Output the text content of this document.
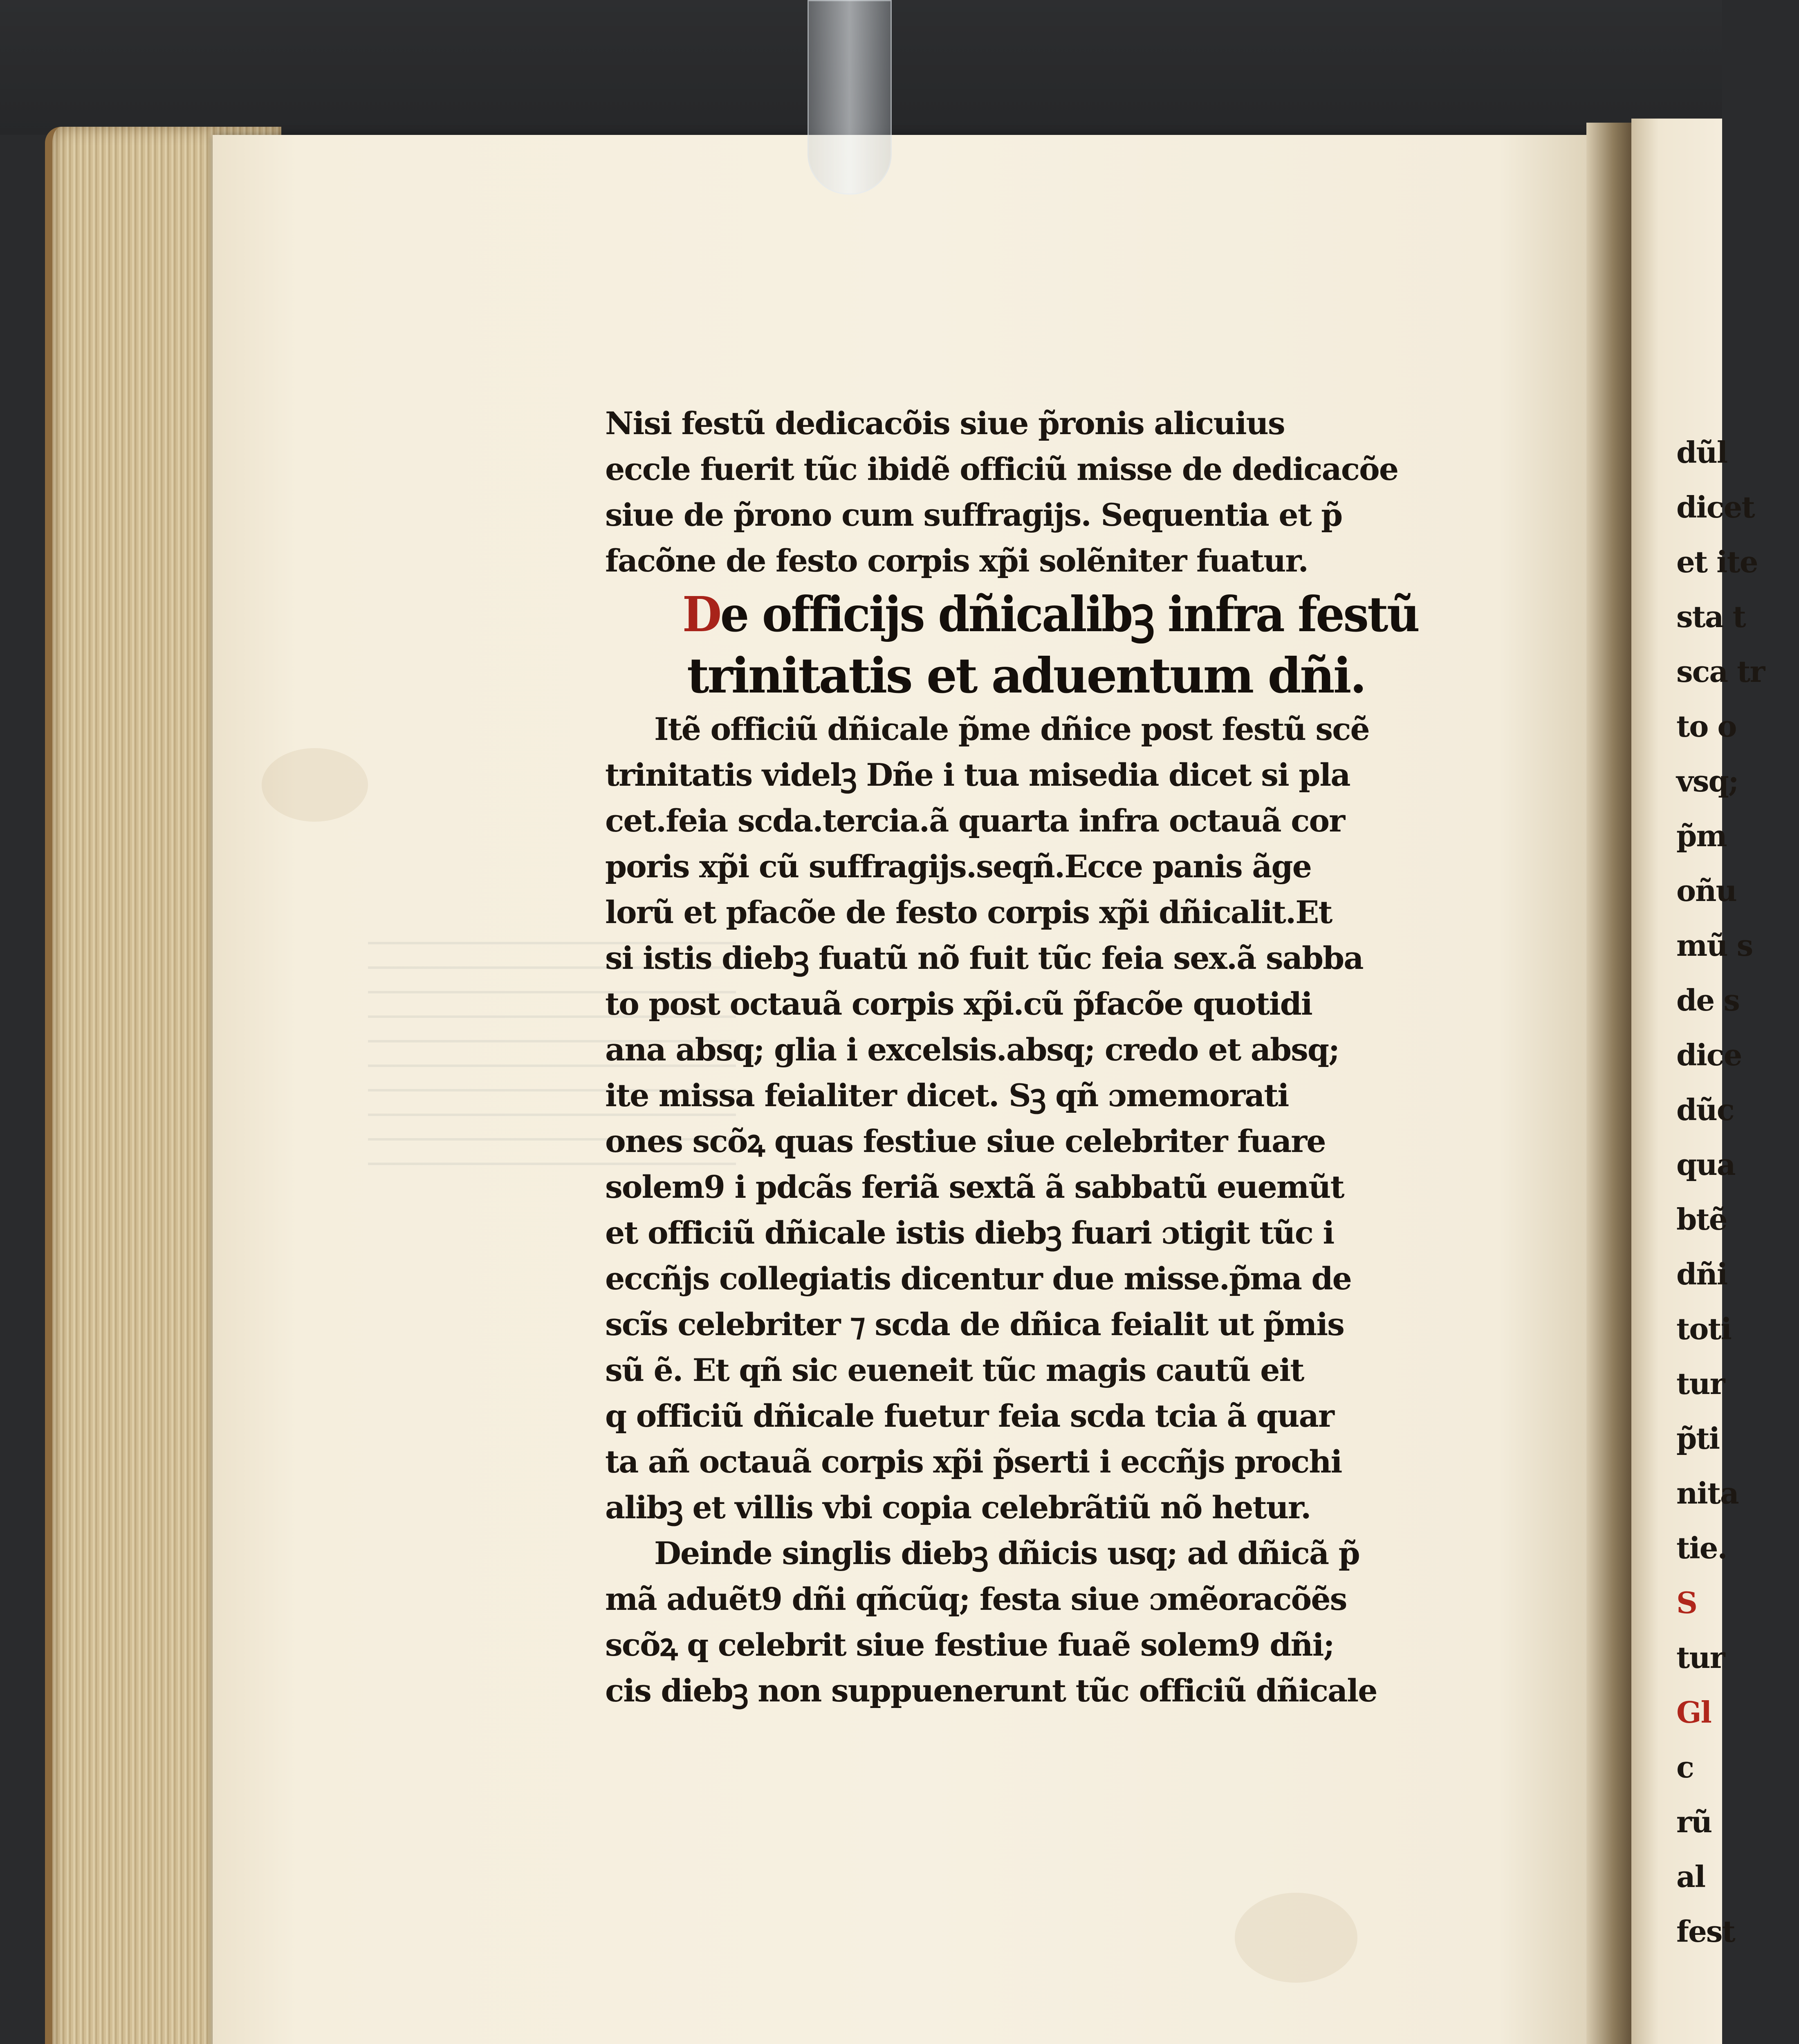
dũl
dicet
et ite
sta t
sca tr
to o
vsq;
p̃m
oñu
mũ s
de s
dice
dũc
qua
btẽ
dñi
toti
tur
p̃ti
nita
tie.
S
tur
Gl
c
rũ
al
fest
Nisi festũ dedicacõis siue p̃ronis alicuius
eccle fuerit tũc ibidẽ officiũ misse de dedicacõe
siue de p̃rono cum suffragijs. Sequentia et p̃
facõne de festo corpis xp̃i solẽniter fuatur.
De officijs dñicalibꝫ infra festũ
trinitatis et aduentum dñi.
Itẽ officiũ dñicale p̃me dñice post festũ scẽ
trinitatis videlꝫ Dñe i tua misedia dicet si pla
cet.feia scda.tercia.ã quarta infra octauã cor
poris xp̃i cũ suffragijs.seqñ.Ecce panis ãge
lorũ et pfacõe de festo corpis xp̃i dñicalit.Et
si istis diebꝫ fuatũ nõ fuit tũc feia sex.ã sabba
to post octauã corpis xp̃i.cũ p̃facõe quotidi
ana absq; glia i excelsis.absq; credo et absq;
ite missa feialiter dicet. Sꝫ qñ ɔmemorati
ones scõꝝ quas festiue siue celebriter fuare
solem9 i pdcãs feriã sextã ã sabbatũ euemũt
et officiũ dñicale istis diebꝫ fuari ɔtigit tũc i
eccñjs collegiatis dicentur due misse.p̃ma de
scĩs celebriter ⁊ scda de dñica feialit ut p̃mis
sũ ẽ. Et qñ sic eueneit tũc magis cautũ eit
q officiũ dñicale fuetur feia scda tcia ã quar
ta añ octauã corpis xp̃i p̃serti i eccñjs prochi
alibꝫ et villis vbi copia celebrãtiũ nõ hetur.
Deinde singlis diebꝫ dñicis usq; ad dñicã p̃
mã aduẽt9 dñi qñcũq; festa siue ɔmẽoracõẽs
scõꝝ q celebrit siue festiue fuaẽ solem9 dñi;
cis diebꝫ non suppuenerunt tũc officiũ dñicale
